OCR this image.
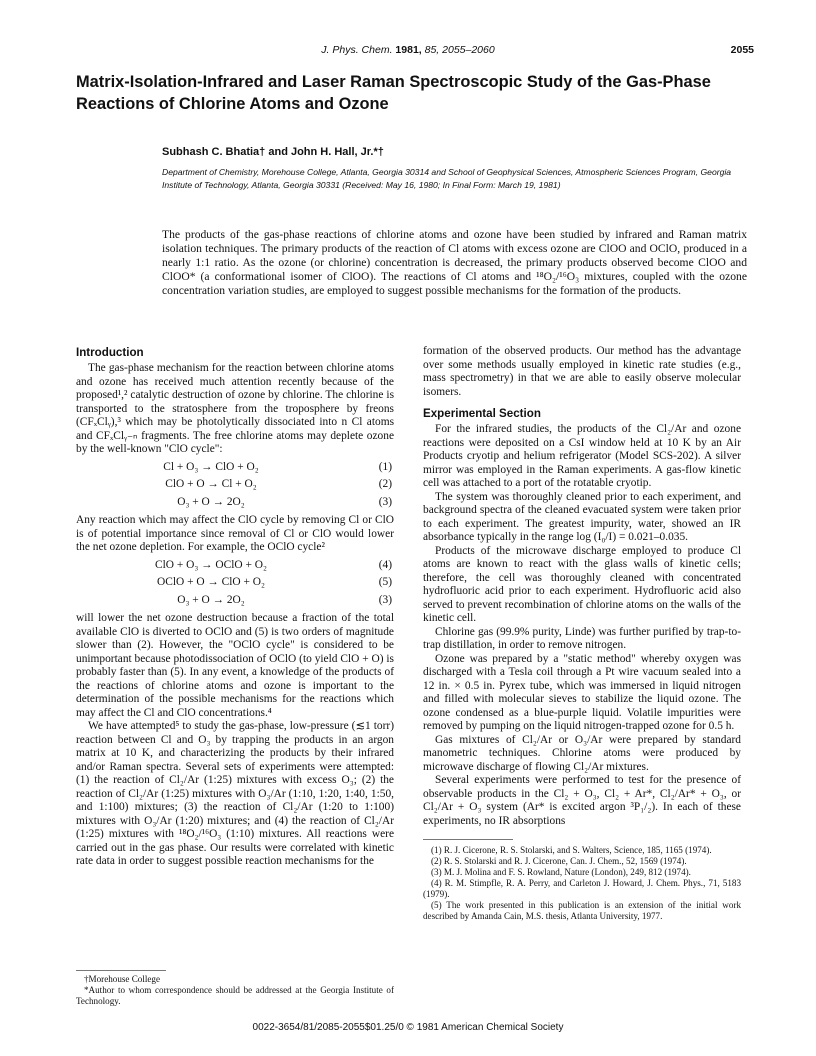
J. Phys. Chem. 1981, 85, 2055–2060	2055
Matrix-Isolation-Infrared and Laser Raman Spectroscopic Study of the Gas-Phase Reactions of Chlorine Atoms and Ozone
Subhash C. Bhatia† and John H. Hall, Jr.*†
Department of Chemistry, Morehouse College, Atlanta, Georgia 30314 and School of Geophysical Sciences, Atmospheric Sciences Program, Georgia Institute of Technology, Atlanta, Georgia 30331 (Received: May 16, 1980; In Final Form: March 19, 1981)

The products of the gas-phase reactions of chlorine atoms and ozone have been studied by infrared and Raman matrix isolation techniques. The primary products of the reaction of Cl atoms with excess ozone are ClOO and OClO, produced in a nearly 1:1 ratio. As the ozone (or chlorine) concentration is decreased, the primary products observed become ClOO and ClOO* (a conformational isomer of ClOO). The reactions of Cl atoms and ¹⁸O₂/¹⁶O₃ mixtures, coupled with the ozone concentration variation studies, are employed to suggest possible mechanisms for the formation of the products.

Introduction

The gas-phase mechanism for the reaction between chlorine atoms and ozone has received much attention recently because of the proposed¹,² catalytic destruction of ozone by chlorine. The chlorine is transported to the stratosphere from the troposphere by freons (CFₓClᵧ),³ which may be photolytically dissociated into n Cl atoms and CFₓClᵧ₋ₙ fragments. The free chlorine atoms may deplete ozone by the well-known "ClO cycle":

Cl + O₃ → ClO + O₂	(1)
ClO + O → Cl + O₂	(2)
O₃ + O → 2O₂	(3)

Any reaction which may affect the ClO cycle by removing Cl or ClO is of potential importance since removal of Cl or ClO would lower the net ozone depletion. For example, the OClO cycle²

ClO + O₃ → OClO + O₂	(4)
OClO + O → ClO + O₂	(5)
O₃ + O → 2O₂	(3)

will lower the net ozone destruction because a fraction of the total available ClO is diverted to OClO and (5) is two orders of magnitude slower than (2). However, the "OClO cycle" is considered to be unimportant because photodissociation of OClO (to yield ClO + O) is probably faster than (5). In any event, a knowledge of the products of the reactions of chlorine atoms and ozone is important to the determination of the possible mechanisms for the reactions which may affect the Cl and ClO concentrations.⁴

We have attempted⁵ to study the gas-phase, low-pressure (≲1 torr) reaction between Cl and O₃ by trapping the products in an argon matrix at 10 K, and characterizing the products by their infrared and/or Raman spectra. Several sets of experiments were attempted: (1) the reaction of Cl₂/Ar (1:25) mixtures with excess O₃; (2) the reaction of Cl₂/Ar (1:25) mixtures with O₃/Ar (1:10, 1:20, 1:40, 1:50, and 1:100) mixtures; (3) the reaction of Cl₂/Ar (1:20 to 1:100) mixtures with O₃/Ar (1:20) mixtures; and (4) the reaction of Cl₂/Ar (1:25) mixtures with ¹⁸O₂/¹⁶O₃ (1:10) mixtures. All reactions were carried out in the gas phase. Our results were correlated with kinetic rate data in order to suggest possible reaction mechanisms for the

†Morehouse College
*Author to whom correspondence should be addressed at the Georgia Institute of Technology.

formation of the observed products. Our method has the advantage over some methods usually employed in kinetic rate studies (e.g., mass spectrometry) in that we are able to easily observe molecular isomers.

Experimental Section

For the infrared studies, the products of the Cl₂/Ar and ozone reactions were deposited on a CsI window held at 10 K by an Air Products cryotip and helium refrigerator (Model SCS-202). A silver mirror was employed in the Raman experiments. A gas-flow kinetic cell was attached to a port of the rotatable cryotip.

The system was thoroughly cleaned prior to each experiment, and background spectra of the cleaned evacuated system were taken prior to each experiment. The greatest impurity, water, showed an IR absorbance typically in the range log (I₀/I) = 0.021–0.035.

Products of the microwave discharge employed to produce Cl atoms are known to react with the glass walls of kinetic cells; therefore, the cell was thoroughly cleaned with concentrated hydrofluoric acid prior to each experiment. Hydrofluoric acid also served to prevent recombination of chlorine atoms on the walls of the kinetic cell.

Chlorine gas (99.9% purity, Linde) was further purified by trap-to-trap distillation, in order to remove nitrogen.

Ozone was prepared by a "static method" whereby oxygen was discharged with a Tesla coil through a Pt wire vacuum sealed into a 12 in. × 0.5 in. Pyrex tube, which was immersed in liquid nitrogen and filled with molecular sieves to stabilize the liquid ozone. The ozone condensed as a blue-purple liquid. Volatile impurities were removed by pumping on the liquid nitrogen-trapped ozone for 0.5 h.

Gas mixtures of Cl₂/Ar or O₃/Ar were prepared by standard manometric techniques. Chlorine atoms were produced by microwave discharge of flowing Cl₂/Ar mixtures.

Several experiments were performed to test for the presence of observable products in the Cl₂ + O₃, Cl₂ + Ar*, Cl₂/Ar* + O₃, or Cl₂/Ar + O₃ system (Ar* is excited argon ³P₁/₂). In each of these experiments, no IR absorptions

(1) R. J. Cicerone, R. S. Stolarski, and S. Walters, Science, 185, 1165 (1974).
(2) R. S. Stolarski and R. J. Cicerone, Can. J. Chem., 52, 1569 (1974).
(3) M. J. Molina and F. S. Rowland, Nature (London), 249, 812 (1974).
(4) R. M. Stimpfle, R. A. Perry, and Carleton J. Howard, J. Chem. Phys., 71, 5183 (1979).
(5) The work presented in this publication is an extension of the initial work described by Amanda Cain, M.S. thesis, Atlanta University, 1977.
0022-3654/81/2085-2055$01.25/0 © 1981 American Chemical Society
